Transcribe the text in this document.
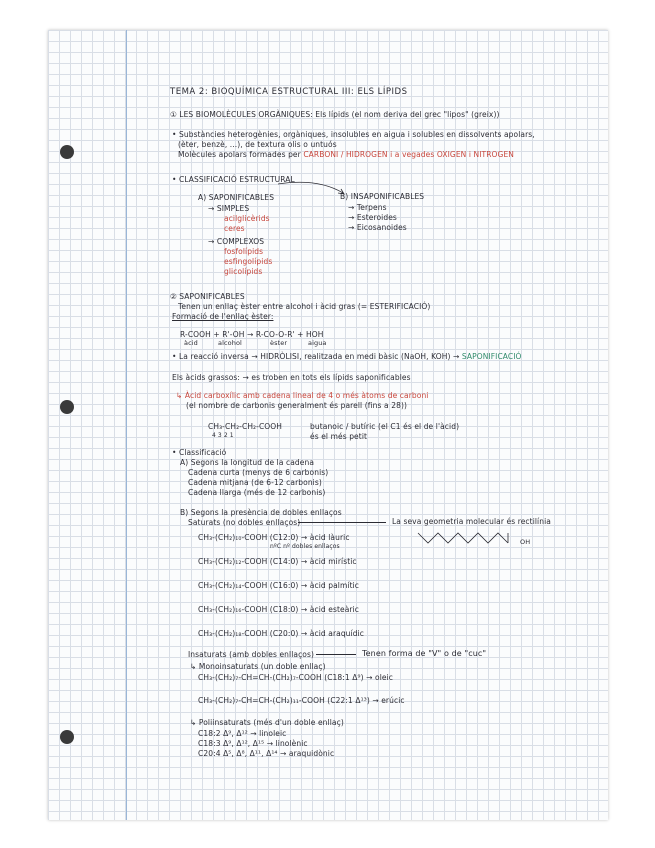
TEMA 2: BIOQUÍMICA ESTRUCTURAL III: ELS LÍPIDS
① LES BIOMOLÈCULES ORGÀNIQUES: Els lípids (el nom deriva del grec "lipos" (greix))
• Substàncies heterogènies, orgàniques, insolubles en aigua i solubles en dissolvents apolars,
(èter, benzè, ...), de textura olis o untuós
Molècules apolars formades per CARBONI / HIDROGEN i a vegades OXIGEN i NITROGEN
• CLASSIFICACIÓ ESTRUCTURAL
A) SAPONIFICABLES
→ SIMPLES
acilglicèrids
ceres
→ COMPLEXOS
fosfolípids
esfingolípids
glicolípids
B) INSAPONIFICABLES
→ Terpens
→ Esteroides
→ Eicosanoides
② SAPONIFICABLES
Tenen un enllaç èster entre alcohol i àcid gras (= ESTERIFICACIÓ)
Formació de l'enllaç èster:
R-COOH + R'-OH → R-CO-O-R' + HOH
àcid	alcohol	èster	aigua
• La reacció inversa → HIDRÒLISI, realitzada en medi bàsic (NaOH, KOH) → SAPONIFICACIÓ
Els àcids grassos: → es troben en tots els lípids saponificables
↳ Àcid carboxílic amb cadena lineal de 4 o més àtoms de carboni
(el nombre de carbonis generalment és parell (fins a 28))
CH₃-CH₂-CH₂-COOH
4 3 2 1
butanoic / butíric (el C1 és el de l'àcid)
és el més petit
• Classificació
A) Segons la longitud de la cadena
Cadena curta (menys de 6 carbonis)
Cadena mitjana (de 6-12 carbonis)
Cadena llarga (més de 12 carbonis)
B) Segons la presència de dobles enllaços
Saturats (no dobles enllaços)	La seva geometria molecular és rectilínia
OH
CH₃-(CH₂)₁₀-COOH (C12:0) → àcid làuric
nºC nº dobles enllaços
CH₃-(CH₂)₁₂-COOH (C14:0) → àcid mirístic
CH₃-(CH₂)₁₄-COOH (C16:0) → àcid palmític
CH₃-(CH₂)₁₆-COOH (C18:0) → àcid esteàric
CH₃-(CH₂)₁₈-COOH (C20:0) → àcid araquídic
Insaturats (amb dobles enllaços)	Tenen forma de "V" o de "cuc"
↳ Monoinsaturats (un doble enllaç)
CH₃-(CH₂)₇-CH=CH-(CH₂)₇-COOH (C18:1 Δ⁹) → oleic
CH₃-(CH₂)₇-CH=CH-(CH₂)₁₁-COOH (C22:1 Δ¹³) → erúcic
↳ Poliinsaturats (més d'un doble enllaç)
C18:2 Δ⁹, Δ¹² → linoleic
C18:3 Δ⁹, Δ¹², Δ¹⁵ → linolènic
C20:4 Δ⁵, Δ⁸, Δ¹¹, Δ¹⁴ → araquidònic
